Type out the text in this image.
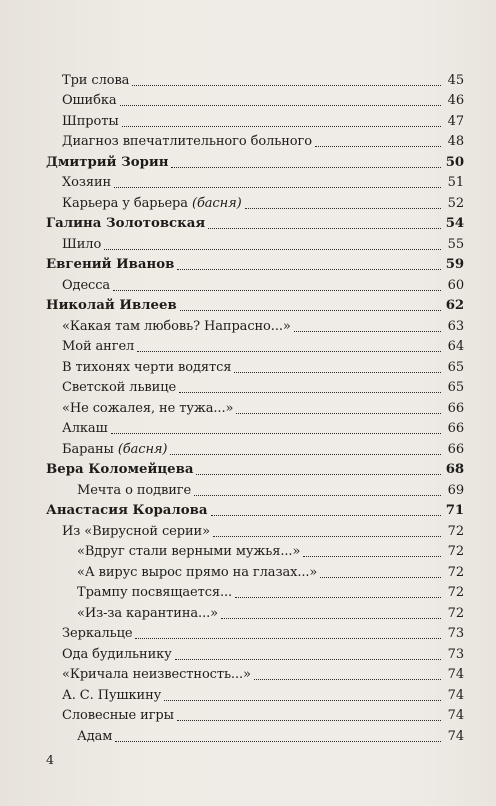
Три слова	45
Ошибка	46
Шпроты	47
Диагноз впечатлительного больного	48
Дмитрий Зорин	50
Хозяин	51
Карьера у барьера (басня)	52
Галина Золотовская	54
Шило	55
Евгений Иванов	59
Одесса	60
Николай Ивлеев	62
«Какая там любовь? Напрасно...»	63
Мой ангел	64
В тихонях черти водятся	65
Светской львице	65
«Не сожалея, не тужа...»	66
Алкаш	66
Бараны (басня)	66
Вера Коломейцева	68
Мечта о подвиге	69
Анастасия Коралова	71
Из «Вирусной серии»	72
«Вдруг стали верными мужья...»	72
«А вирус вырос прямо на глазах...»	72
Трампу посвящается...	72
«Из-за карантина...»	72
Зеркальце	73
Ода будильнику	73
«Кричала неизвестность...»	74
А. С. Пушкину	74
Словесные игры	74
Адам	74
4
